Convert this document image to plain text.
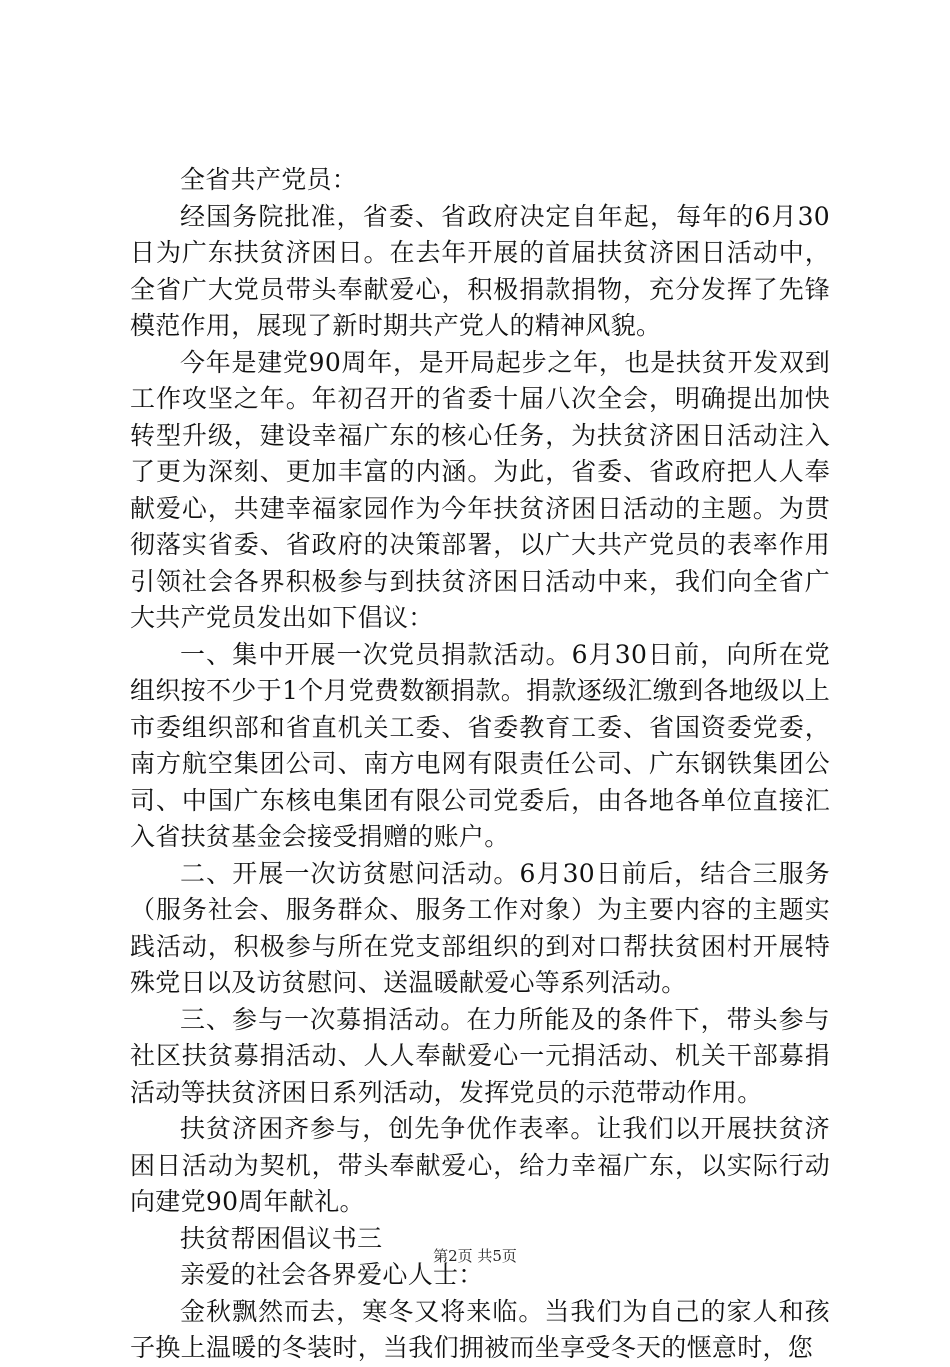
全省共产党员：

经国务院批准，省委、省政府决定自年起，每年的6月30日为广东扶贫济困日。在去年开展的首届扶贫济困日活动中，全省广大党员带头奉献爱心，积极捐款捐物，充分发挥了先锋模范作用，展现了新时期共产党人的精神风貌。

今年是建党90周年，是开局起步之年，也是扶贫开发双到工作攻坚之年。年初召开的省委十届八次全会，明确提出加快转型升级，建设幸福广东的核心任务，为扶贫济困日活动注入了更为深刻、更加丰富的内涵。为此，省委、省政府把人人奉献爱心，共建幸福家园作为今年扶贫济困日活动的主题。为贯彻落实省委、省政府的决策部署，以广大共产党员的表率作用引领社会各界积极参与到扶贫济困日活动中来，我们向全省广大共产党员发出如下倡议：

一、集中开展一次党员捐款活动。6月30日前，向所在党组织按不少于1个月党费数额捐款。捐款逐级汇缴到各地级以上市委组织部和省直机关工委、省委教育工委、省国资委党委，南方航空集团公司、南方电网有限责任公司、广东钢铁集团公司、中国广东核电集团有限公司党委后，由各地各单位直接汇入省扶贫基金会接受捐赠的账户。

二、开展一次访贫慰问活动。6月30日前后，结合三服务（服务社会、服务群众、服务工作对象）为主要内容的主题实践活动，积极参与所在党支部组织的到对口帮扶贫困村开展特殊党日以及访贫慰问、送温暖献爱心等系列活动。

三、参与一次募捐活动。在力所能及的条件下，带头参与社区扶贫募捐活动、人人奉献爱心一元捐活动、机关干部募捐活动等扶贫济困日系列活动，发挥党员的示范带动作用。

扶贫济困齐参与，创先争优作表率。让我们以开展扶贫济困日活动为契机，带头奉献爱心，给力幸福广东，以实际行动向建党90周年献礼。

扶贫帮困倡议书三

亲爱的社会各界爱心人士：

金秋飘然而去，寒冬又将来临。当我们为自己的家人和孩子换上温暖的冬装时，当我们拥被而坐享受冬天的惬意时，您

第2页 共5页
